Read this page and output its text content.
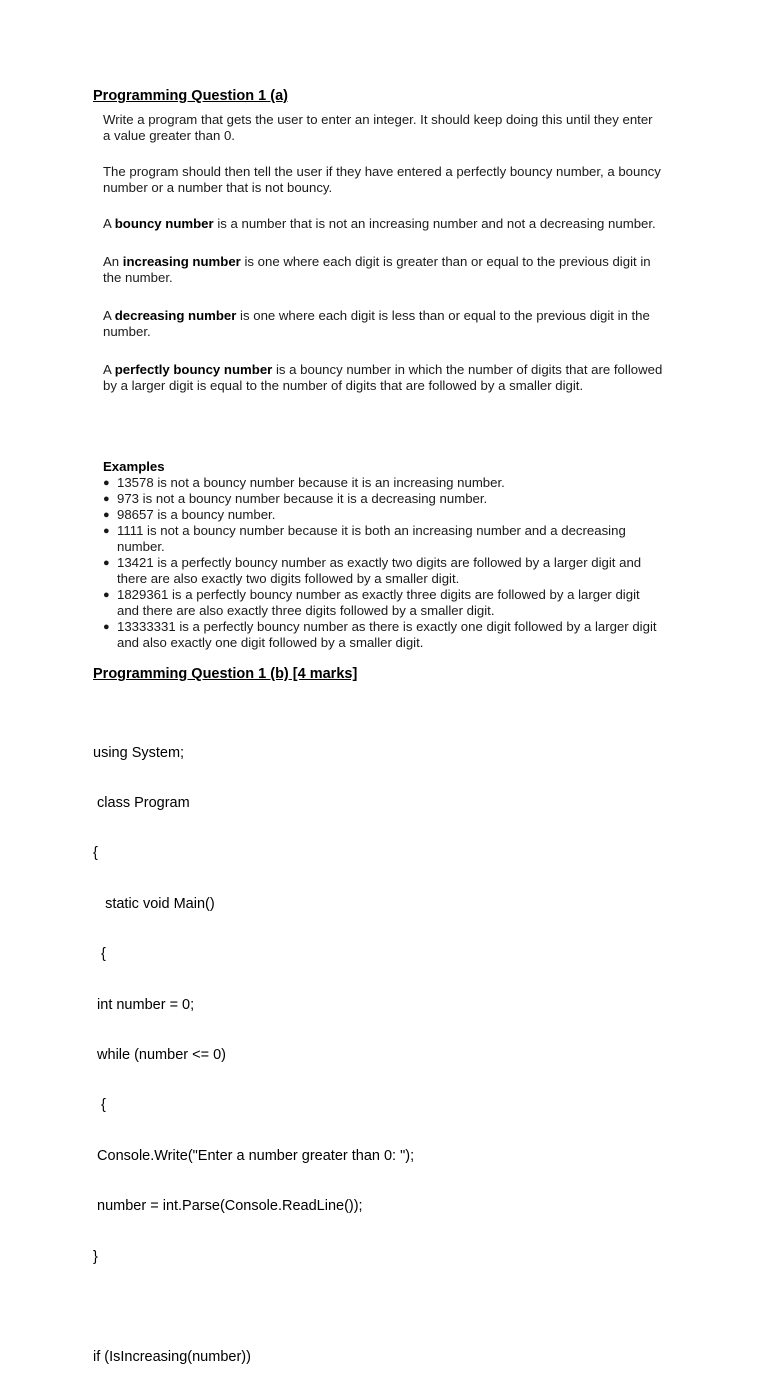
Programming Question 1 (a)

Write a program that gets the user to enter an integer. It should keep doing this until they enter a value greater than 0.

The program should then tell the user if they have entered a perfectly bouncy number, a bouncy number or a number that is not bouncy.

A bouncy number is a number that is not an increasing number and not a decreasing number.

An increasing number is one where each digit is greater than or equal to the previous digit in the number.

A decreasing number is one where each digit is less than or equal to the previous digit in the number.

A perfectly bouncy number is a bouncy number in which the number of digits that are followed by a larger digit is equal to the number of digits that are followed by a smaller digit.

Examples

● 13578 is not a bouncy number because it is an increasing number.
● 973 is not a bouncy number because it is a decreasing number.
● 98657 is a bouncy number.
● 1111 is not a bouncy number because it is both an increasing number and a decreasing number.
● 13421 is a perfectly bouncy number as exactly two digits are followed by a larger digit and there are also exactly two digits followed by a smaller digit.
● 1829361 is a perfectly bouncy number as exactly three digits are followed by a larger digit and there are also exactly three digits followed by a smaller digit.
● 13333331 is a perfectly bouncy number as there is exactly one digit followed by a larger digit and also exactly one digit followed by a smaller digit.
Programming Question 1 (b) [4 marks]

using System;

class Program

{

static void Main()

{

int number = 0;

while (number <= 0)

{

Console.Write("Enter a number greater than 0: ");

number = int.Parse(Console.ReadLine());

}

if (IsIncreasing(number))
